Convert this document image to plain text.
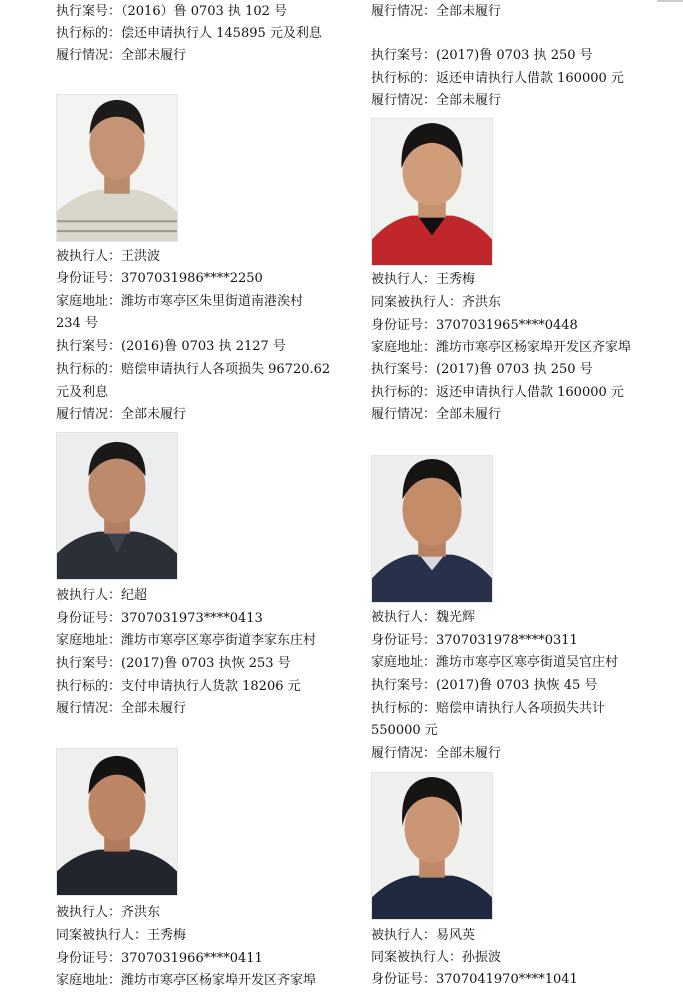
执行案号：（2016）鲁 0703 执 102 号
执行标的：偿还申请执行人 145895 元及利息
履行情况：全部未履行
被执行人：王洪波
身份证号：3707031986****2250
家庭地址：潍坊市寒亭区朱里街道南港涘村
234 号
执行案号：(2016)鲁 0703 执 2127 号
执行标的：赔偿申请执行人各项损失 96720.62
元及利息
履行情况：全部未履行
被执行人：纪超
身份证号：3707031973****0413
家庭地址：潍坊市寒亭区寒亭街道李家东庄村
执行案号：(2017)鲁 0703 执恢 253 号
执行标的：支付申请执行人货款 18206 元
履行情况：全部未履行
被执行人：齐洪东
同案被执行人：王秀梅
身份证号：3707031966****0411
家庭地址：潍坊市寒亭区杨家埠开发区齐家埠
履行情况：全部未履行
执行案号：(2017)鲁 0703 执 250 号
执行标的：返还申请执行人借款 160000 元
履行情况：全部未履行
被执行人：王秀梅
同案被执行人：齐洪东
身份证号：3707031965****0448
家庭地址：潍坊市寒亭区杨家埠开发区齐家埠
执行案号：(2017)鲁 0703 执 250 号
执行标的：返还申请执行人借款 160000 元
履行情况：全部未履行
被执行人：魏光辉
身份证号：3707031978****0311
家庭地址：潍坊市寒亭区寒亭街道吴官庄村
执行案号：(2017)鲁 0703 执恢 45 号
执行标的：赔偿申请执行人各项损失共计
550000 元
履行情况：全部未履行
被执行人：易风英
同案被执行人：孙振波
身份证号：3707041970****1041
